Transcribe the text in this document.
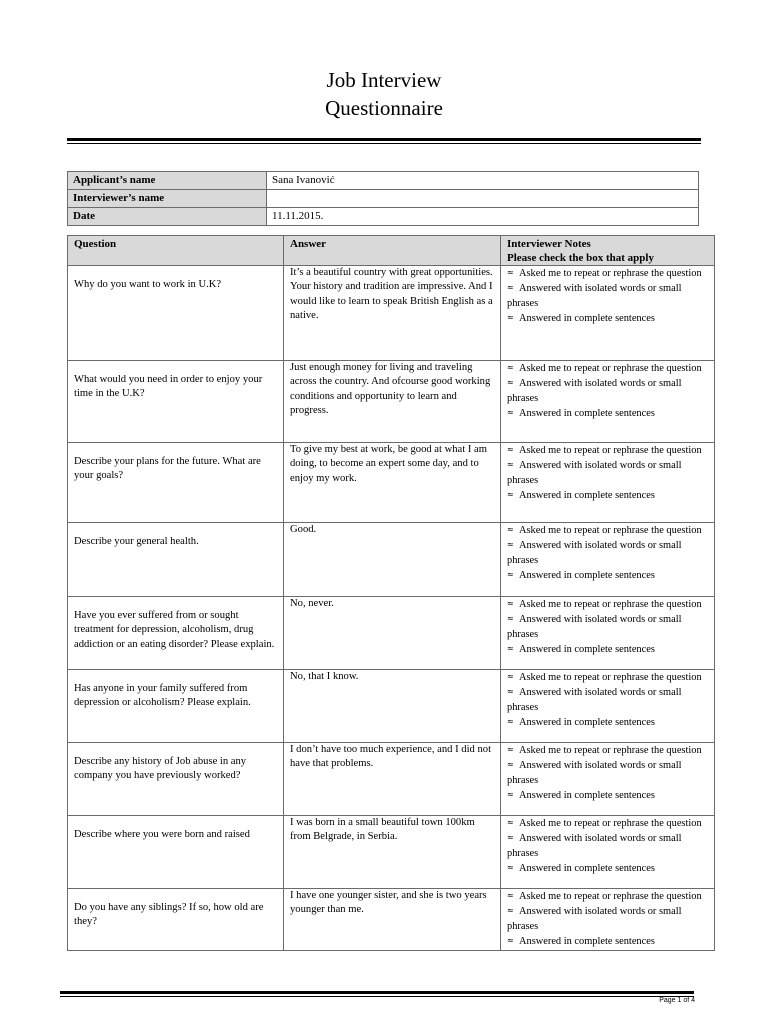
Job Interview
Questionnaire
Applicant’s name	Sana Ivanović
Interviewer’s name	
Date	11.11.2015.
Question	Answer	Interviewer Notes
Please check the box that apply
Why do you want to work in U.K?	It’s a beautiful country with great opportunities. Your history and tradition are impressive. And I would like to learn to speak British English as a native.	≈ Asked me to repeat or rephrase the question
≈ Answered with isolated words or small phrases
≈ Answered in complete sentences

What would you need in order to enjoy your time in the U.K?	Just enough money for living and traveling across the country. And ofcourse good working conditions and opportunity to learn and progress.	≈ Asked me to repeat or rephrase the question
≈ Answered with isolated words or small phrases
≈ Answered in complete sentences

Describe your plans for the future. What are your goals?	To give my best at work, be good at what I am doing, to become an expert some day, and to enjoy my work.	≈ Asked me to repeat or rephrase the question
≈ Answered with isolated words or small phrases
≈ Answered in complete sentences

Describe your general health.	Good.	≈ Asked me to repeat or rephrase the question
≈ Answered with isolated words or small phrases
≈ Answered in complete sentences

Have you ever suffered from or sought treatment for depression, alcoholism, drug addiction or an eating disorder? Please explain.	No, never.	≈ Asked me to repeat or rephrase the question
≈ Answered with isolated words or small phrases
≈ Answered in complete sentences

Has anyone in your family suffered from depression or alcoholism? Please explain.	No, that I know.	≈ Asked me to repeat or rephrase the question
≈ Answered with isolated words or small phrases
≈ Answered in complete sentences

Describe any history of Job abuse in any company you have previously worked?	I don’t have too much experience, and I did not have that problems.	≈ Asked me to repeat or rephrase the question
≈ Answered with isolated words or small phrases
≈ Answered in complete sentences

Describe where you were born and raised	I was born in a small beautiful town 100km from Belgrade, in Serbia.	≈ Asked me to repeat or rephrase the question
≈ Answered with isolated words or small phrases
≈ Answered in complete sentences

Do you have any siblings? If so, how old are they?	I have one younger sister, and she is two years younger than me.	≈ Asked me to repeat or rephrase the question
≈ Answered with isolated words or small phrases
≈ Answered in complete sentences
Page 1 of 4
